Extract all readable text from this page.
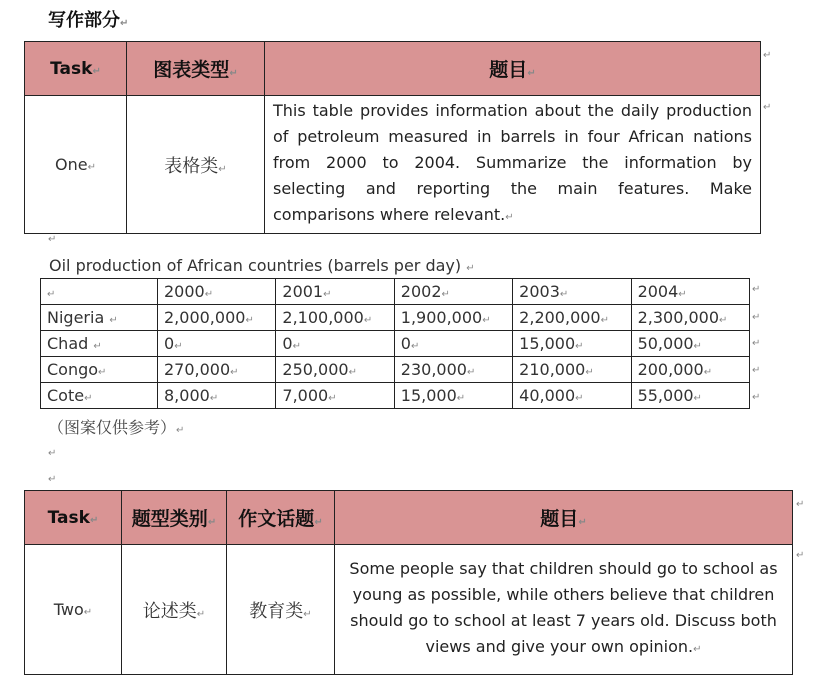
写作部分↵
Task↵	图表类型↵	题目↵
One↵	表格类↵	This table provides information about the daily production of petroleum measured in barrels in four African nations from 2000 to 2004. Summarize the information by selecting and reporting the main features. Make comparisons where relevant.↵
↵
↵
↵
Oil production of African countries (barrels per day) ↵
↵	2000↵	2001↵	2002↵	2003↵	2004↵
Nigeria ↵	2,000,000↵	2,100,000↵	1,900,000↵	2,200,000↵	2,300,000↵
Chad ↵	0↵	0↵	0↵	15,000↵	50,000↵
Congo↵	270,000↵	250,000↵	230,000↵	210,000↵	200,000↵
Cote↵	8,000↵	7,000↵	15,000↵	40,000↵	55,000↵
↵
↵
↵
↵
↵
（图案仅供参考）↵
↵
↵
Task↵	题型类别↵	作文话题↵	题目↵
Two↵	论述类↵	教育类↵	Some people say that children should go to school as young as possible, while others believe that children should go to school at least 7 years old. Discuss both views and give your own opinion.↵
↵
↵
